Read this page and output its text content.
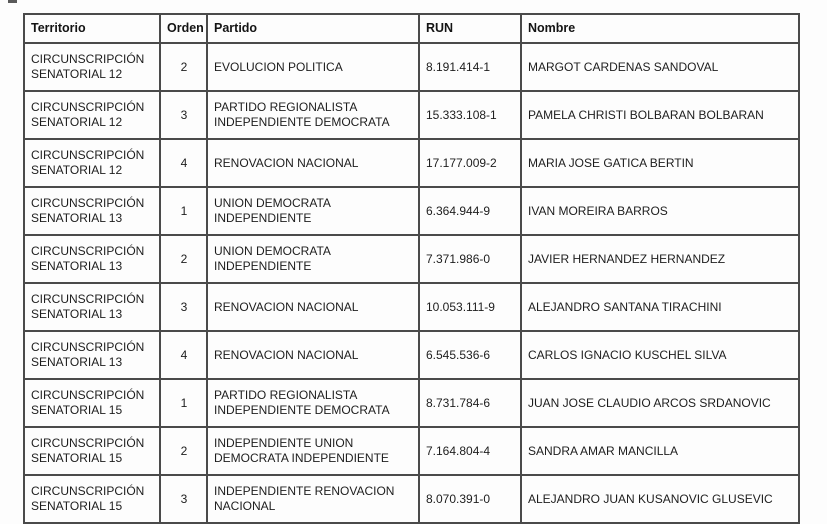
Territorio	Orden	Partido	RUN	Nombre
CIRCUNSCRIPCIÓN SENATORIAL 12	2	EVOLUCION POLITICA	8.191.414-1	MARGOT CARDENAS SANDOVAL
CIRCUNSCRIPCIÓN SENATORIAL 12	3	PARTIDO REGIONALISTA INDEPENDIENTE DEMOCRATA	15.333.108-1	PAMELA CHRISTI BOLBARAN BOLBARAN
CIRCUNSCRIPCIÓN SENATORIAL 12	4	RENOVACION NACIONAL	17.177.009-2	MARIA JOSE GATICA BERTIN
CIRCUNSCRIPCIÓN SENATORIAL 13	1	UNION DEMOCRATA INDEPENDIENTE	6.364.944-9	IVAN MOREIRA BARROS
CIRCUNSCRIPCIÓN SENATORIAL 13	2	UNION DEMOCRATA INDEPENDIENTE	7.371.986-0	JAVIER HERNANDEZ HERNANDEZ
CIRCUNSCRIPCIÓN SENATORIAL 13	3	RENOVACION NACIONAL	10.053.111-9	ALEJANDRO SANTANA TIRACHINI
CIRCUNSCRIPCIÓN SENATORIAL 13	4	RENOVACION NACIONAL	6.545.536-6	CARLOS IGNACIO KUSCHEL SILVA
CIRCUNSCRIPCIÓN SENATORIAL 15	1	PARTIDO REGIONALISTA INDEPENDIENTE DEMOCRATA	8.731.784-6	JUAN JOSE CLAUDIO ARCOS SRDANOVIC
CIRCUNSCRIPCIÓN SENATORIAL 15	2	INDEPENDIENTE UNION DEMOCRATA INDEPENDIENTE	7.164.804-4	SANDRA AMAR MANCILLA
CIRCUNSCRIPCIÓN SENATORIAL 15	3	INDEPENDIENTE RENOVACION NACIONAL	8.070.391-0	ALEJANDRO JUAN KUSANOVIC GLUSEVIC
